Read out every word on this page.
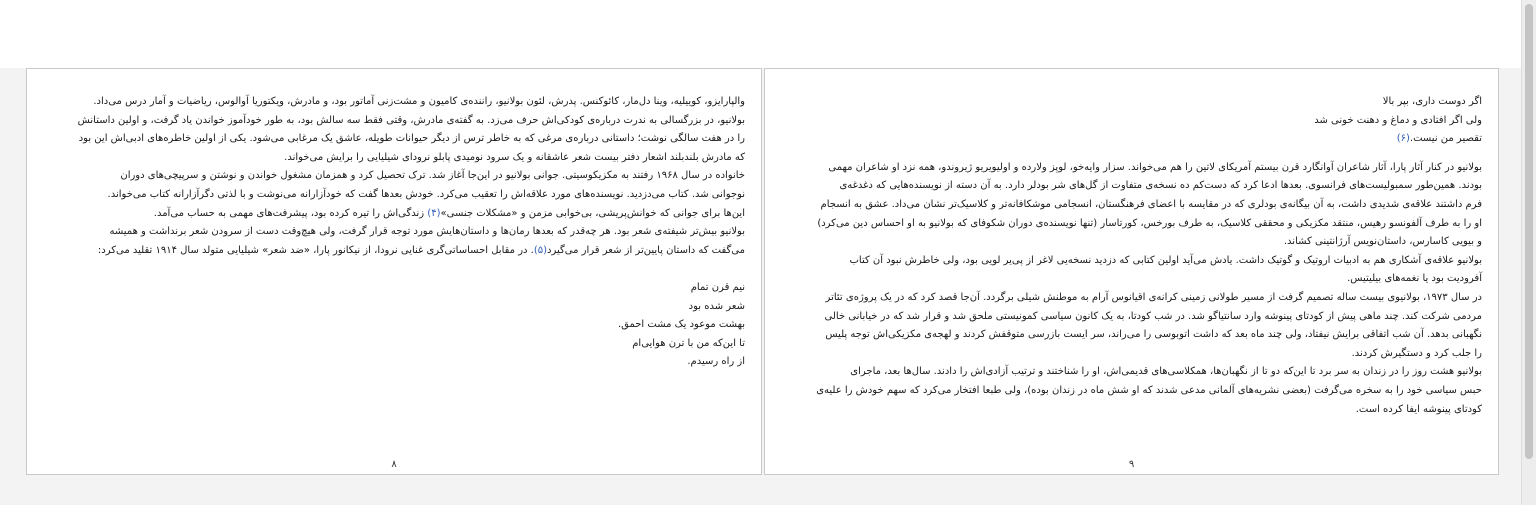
والپارایزو، کوییلیه، وینا دل‌مار، کائوکنس. پدرش، لئون بولانیو، راننده‌ی کامیون و مشت‌زنی آماتور بود، و مادرش، ویکتوریا آوالوس، ریاضیات و آمار درس می‌داد.
بولانیو، در بزرگسالی به ندرت درباره‌ی کودکی‌اش حرف می‌زد. به گفته‌ی مادرش، وقتی فقط سه سالش بود، به طور خودآموز خواندن یاد گرفت، و اولین داستانش
را در هفت سالگی نوشت؛ داستانی درباره‌ی مرغی که به خاطر ترس از دیگر حیوانات طویله، عاشق یک مرغابی می‌شود. یکی از اولین خاطره‌های ادبی‌اش این بود
که مادرش بلندبلند اشعار دفتر بیست شعر عاشقانه و یک سرود نومیدی پابلو نرودای شیلیایی را برایش می‌خواند.
خانواده در سال ۱۹۶۸ رفتند به مکزیکوسیتی. جوانی بولانیو در این‌جا آغاز شد. ترک تحصیل کرد و همزمان مشغول خواندن و نوشتن و سرپیچی‌های دوران
نوجوانی شد. کتاب می‌دزدید. نویسنده‌های مورد علاقه‌اش را تعقیب می‌کرد. خودش بعدها گفت که خودآزارانه می‌نوشت و با لذتی دگرآزارانه کتاب می‌خواند.
این‌ها برای جوانی که خوانش‌پریشی، بی‌خوابی مزمن و «مشکلات جنسی»(۴) زندگی‌اش را تیره کرده بود، پیشرفت‌های مهمی به حساب می‌آمد.
بولانیو بیش‌تر شیفته‌ی شعر بود. هر چه‌قدر که بعدها رمان‌ها و داستان‌هایش مورد توجه قرار گرفت، ولی هیچ‌وقت دست از سرودن شعر برنداشت و همیشه
می‌گفت که داستان پایین‌تر از شعر قرار می‌گیرد(۵). در مقابل احساساتی‌گری غنایی نرودا، از نیکانور پارا، «ضد شعر» شیلیایی متولد سال ۱۹۱۴ تقلید می‌کرد:
نیم قرن تمام
شعر شده بود
بهشت موعود یک مشت احمق.
تا این‌که من با ترن هوایی‌ام
از راه رسیدم.
۸
اگر دوست داری، بپر بالا
ولی اگر افتادی و دماغ و دهنت خونی شد
تقصیر من نیست.(۶)
بولانیو در کنار آثار پارا، آثار شاعران آوانگارد قرن بیستم آمریکای لاتین را هم می‌خواند. سزار وایه‌خو، لوپز ولارده و اولیویریو ژیروندو، همه نزد او شاعران مهمی
بودند. همین‌طور سمبولیست‌های فرانسوی. بعدها ادعا کرد که دست‌کم ده نسخه‌ی متفاوت از گل‌های شر بودلر دارد. به آن دسته از نویسنده‌هایی که دغدغه‌ی
فرم داشتند علاقه‌ی شدیدی داشت، به آن بیگانه‌ی بودلری که در مقایسه با اعضای فرهنگستان، انسجامی موشکافانه‌تر و کلاسیک‌تر نشان می‌داد. عشق به انسجام
او را به طرف آلفونسو رهیس، منتقد مکزیکی و محققی کلاسیک، به طرف بورخس، کورتاسار (تنها نویسنده‌ی دوران شکوفای که بولانیو به او احساس دین می‌کرد)
و بیویی کاسارس، داستان‌نویس آرژانتینی کشاند.
بولانیو علاقه‌ی آشکاری هم به ادبیات اروتیک و گوتیک داشت. یادش می‌آید اولین کتابی که دزدید نسخه‌یی لاغر از پی‌یر لویی بود، ولی خاطرش نبود آن کتاب
آفرودیت بود یا نغمه‌های بیلیتیس.
در سال ۱۹۷۳، بولانیوی بیست ساله تصمیم گرفت از مسیر طولانی زمینی کرانه‌ی اقیانوس آرام به موطنش شیلی برگردد. آن‌جا قصد کرد که در یک پروژه‌ی تئاتر
مردمی شرکت کند. چند ماهی پیش از کودتای پینوشه وارد سانتیاگو شد. در شب کودتا، به یک کانون سیاسی کمونیستی ملحق شد و قرار شد که در خیابانی خالی
نگهبانی بدهد. آن شب اتفاقی برایش نیفتاد، ولی چند ماه بعد که داشت اتوبوسی را می‌راند، سر ایست بازرسی متوقفش کردند و لهجه‌ی مکزیکی‌اش توجه پلیس
را جلب کرد و دستگیرش کردند.
بولانیو هشت روز را در زندان به سر برد تا این‌که دو تا از نگهبان‌ها، همکلاسی‌های قدیمی‌اش، او را شناختند و ترتیب آزادی‌اش را دادند. سال‌ها بعد، ماجرای
حبس سیاسی خود را به سخره می‌گرفت (بعضی نشریه‌های آلمانی مدعی شدند که او شش ماه در زندان بوده)، ولی طبعا افتخار می‌کرد که سهم خودش را علیه‌ی
کودتای پینوشه ایفا کرده است.
۹
